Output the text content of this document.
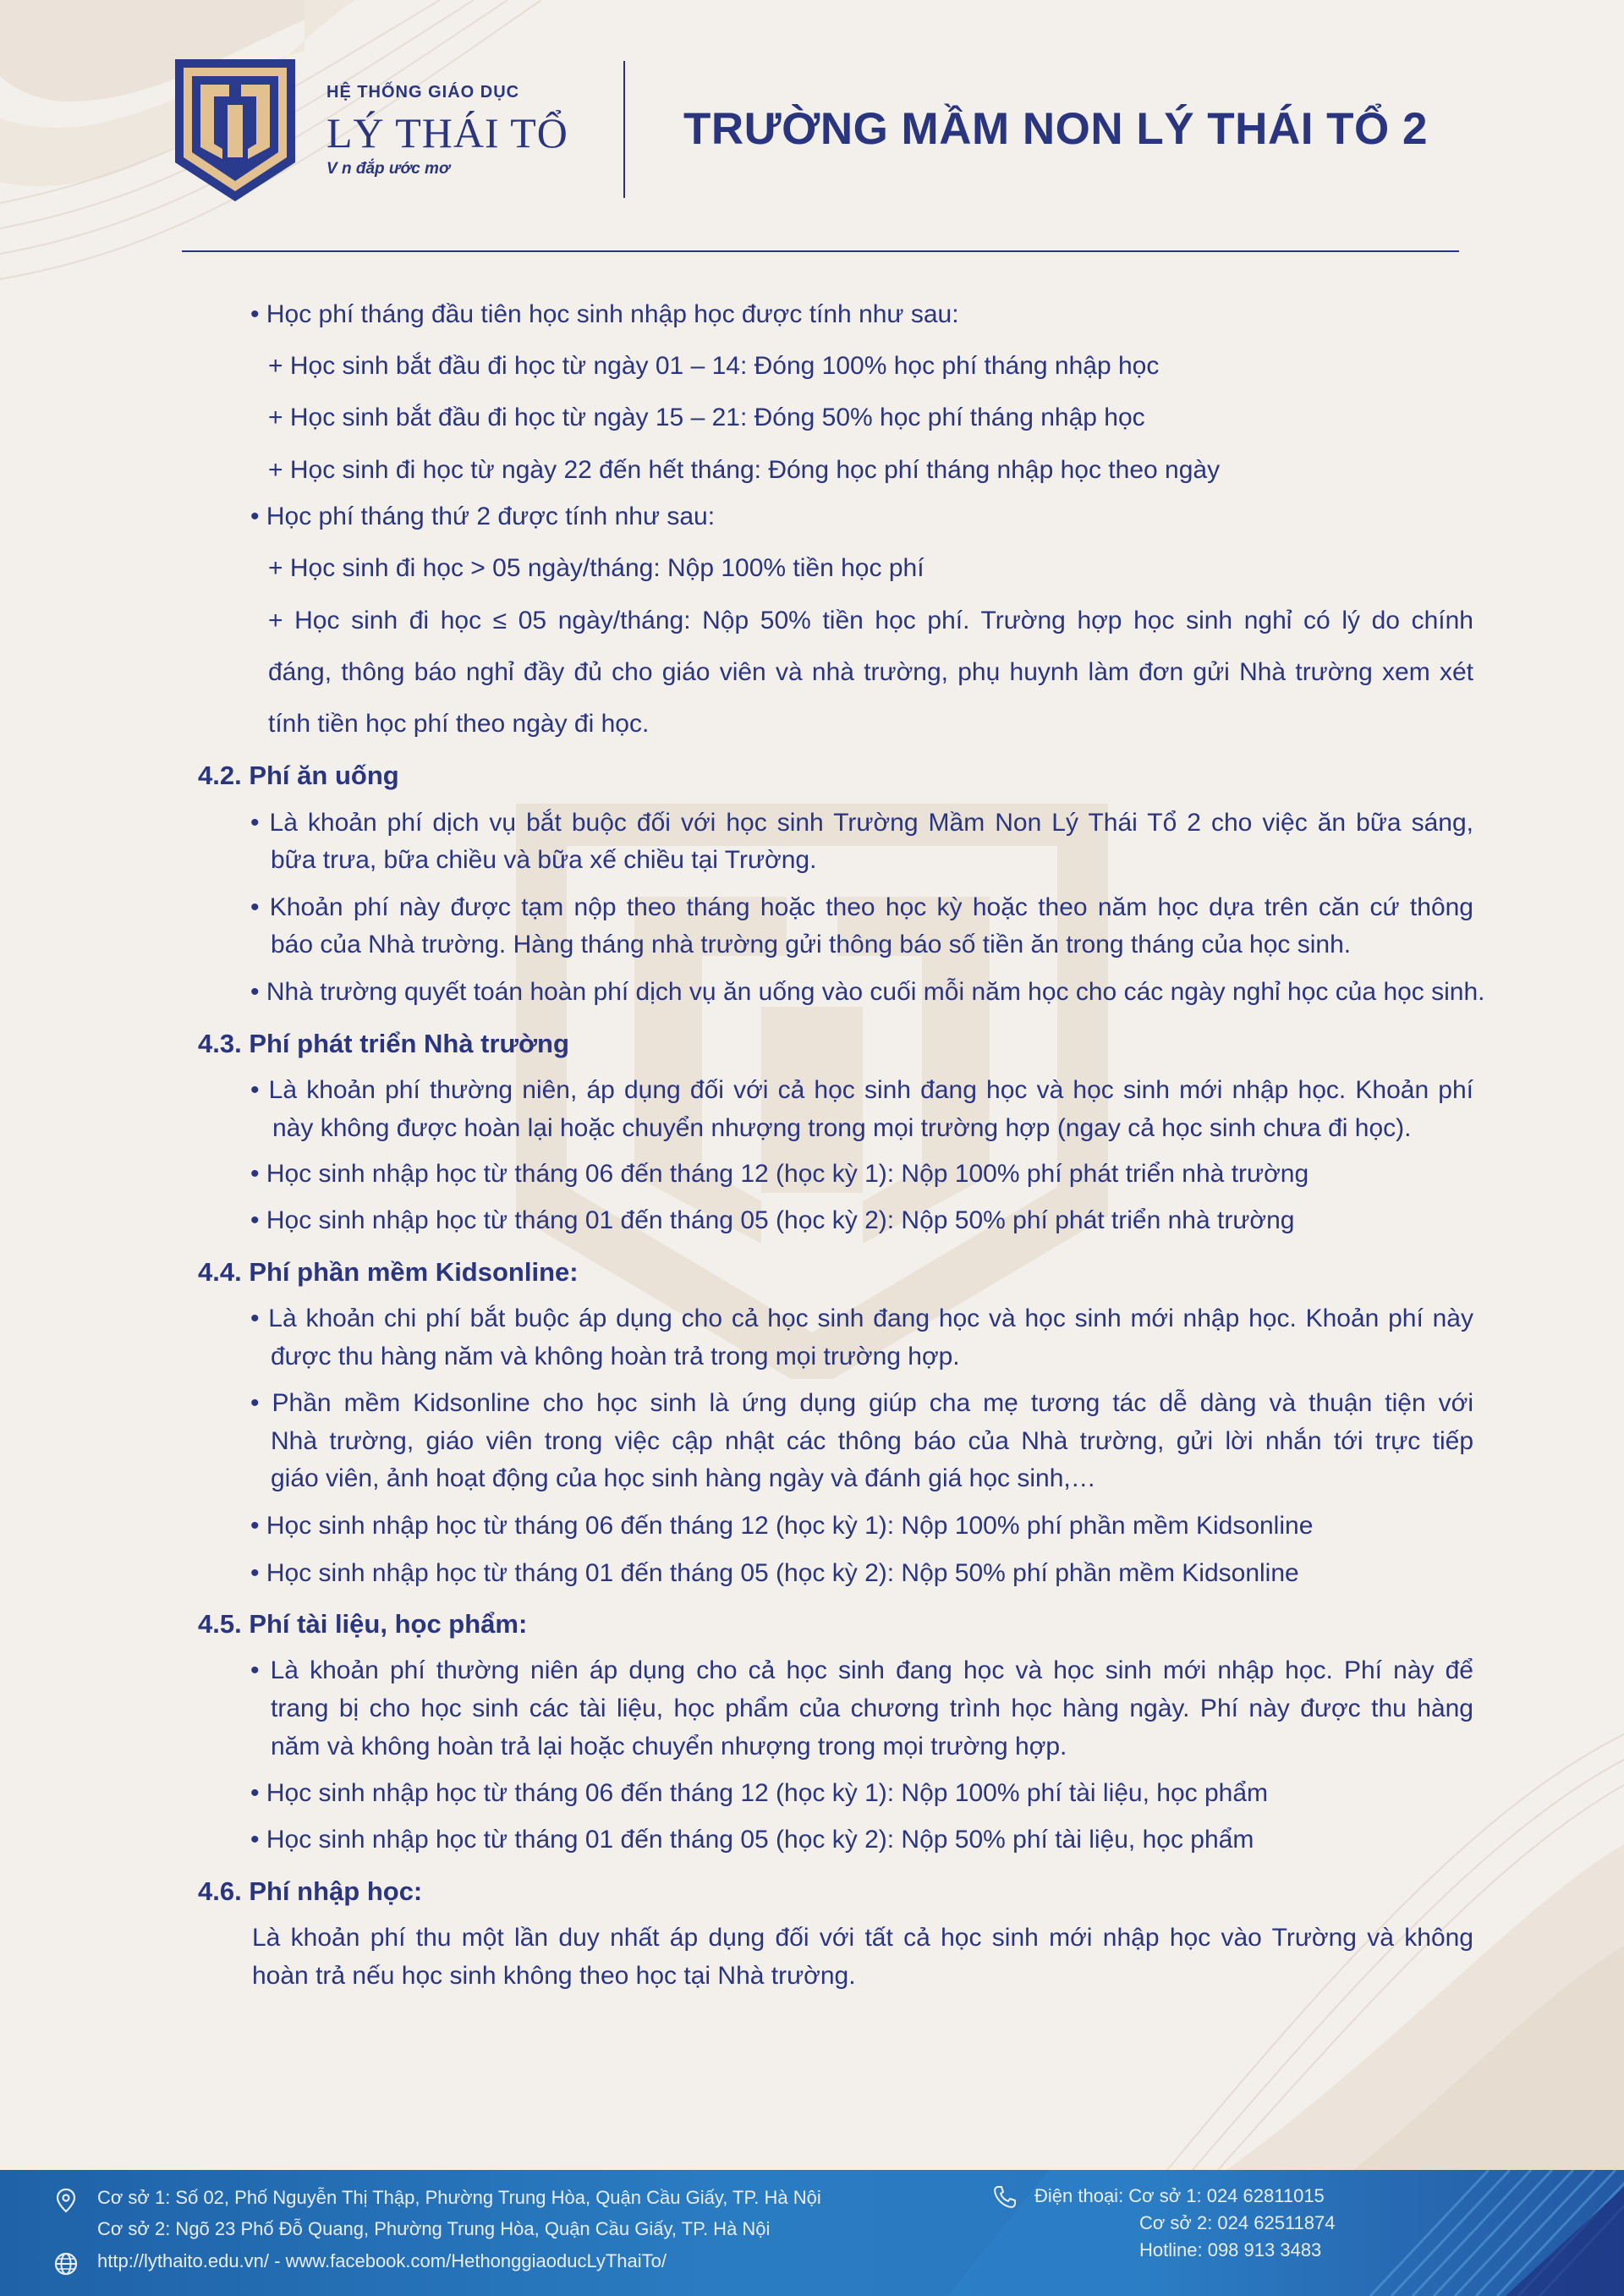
HỆ THỐNG GIÁO DỤC
LÝ THÁI TỔ
V n đắp ước mơ
TRƯỜNG MẦM NON LÝ THÁI TỔ 2
• Học phí tháng đầu tiên học sinh nhập học được tính như sau:
+ Học sinh bắt đầu đi học từ ngày 01 – 14: Đóng 100% học phí tháng nhập học
+ Học sinh bắt đầu đi học từ ngày 15 – 21: Đóng 50% học phí tháng nhập học
+ Học sinh đi học từ ngày 22 đến hết tháng: Đóng học phí tháng nhập học theo ngày
• Học phí tháng thứ 2 được tính như sau:
+ Học sinh đi học > 05 ngày/tháng: Nộp 100% tiền học phí
+ Học sinh đi học ≤ 05 ngày/tháng: Nộp 50% tiền học phí. Trường hợp học sinh nghỉ có lý do chính
đáng, thông báo nghỉ đầy đủ cho giáo viên và nhà trường, phụ huynh làm đơn gửi Nhà trường xem xét
tính tiền học phí theo ngày đi học.
4.2. Phí ăn uống
• Là khoản phí dịch vụ bắt buộc đối với học sinh Trường Mầm Non Lý Thái Tổ 2 cho việc ăn bữa sáng,
bữa trưa, bữa chiều và bữa xế chiều tại Trường.
• Khoản phí này được tạm nộp theo tháng hoặc theo học kỳ hoặc theo năm học dựa trên căn cứ thông
báo của Nhà trường. Hàng tháng nhà trường gửi thông báo số tiền ăn trong tháng của học sinh.
• Nhà trường quyết toán hoàn phí dịch vụ ăn uống vào cuối mỗi năm học cho các ngày nghỉ học của học sinh.
4.3. Phí phát triển Nhà trường
• Là khoản phí thường niên, áp dụng đối với cả học sinh đang học và học sinh mới nhập học. Khoản phí
này không được hoàn lại hoặc chuyển nhượng trong mọi trường hợp (ngay cả học sinh chưa đi học).
• Học sinh nhập học từ tháng 06 đến tháng 12 (học kỳ 1): Nộp 100% phí phát triển nhà trường
• Học sinh nhập học từ tháng 01 đến tháng 05 (học kỳ 2): Nộp 50% phí phát triển nhà trường
4.4. Phí phần mềm Kidsonline:
• Là khoản chi phí bắt buộc áp dụng cho cả học sinh đang học và học sinh mới nhập học. Khoản phí này
được thu hàng năm và không hoàn trả trong mọi trường hợp.
• Phần mềm Kidsonline cho học sinh là ứng dụng giúp cha mẹ tương tác dễ dàng và thuận tiện với
Nhà trường, giáo viên trong việc cập nhật các thông báo của Nhà trường, gửi lời nhắn tới trực tiếp
giáo viên, ảnh hoạt động của học sinh hàng ngày và đánh giá học sinh,…
• Học sinh nhập học từ tháng 06 đến tháng 12 (học kỳ 1): Nộp 100% phí phần mềm Kidsonline
• Học sinh nhập học từ tháng 01 đến tháng 05 (học kỳ 2): Nộp 50% phí phần mềm Kidsonline
4.5. Phí tài liệu, học phẩm:
• Là khoản phí thường niên áp dụng cho cả học sinh đang học và học sinh mới nhập học. Phí này để
trang bị cho học sinh các tài liệu, học phẩm của chương trình học hàng ngày. Phí này được thu hàng
năm và không hoàn trả lại hoặc chuyển nhượng trong mọi trường hợp.
• Học sinh nhập học từ tháng 06 đến tháng 12 (học kỳ 1): Nộp 100% phí tài liệu, học phẩm
• Học sinh nhập học từ tháng 01 đến tháng 05 (học kỳ 2): Nộp 50% phí tài liệu, học phẩm
4.6. Phí nhập học:
Là khoản phí thu một lần duy nhất áp dụng đối với tất cả học sinh mới nhập học vào Trường và không
hoàn trả nếu học sinh không theo học tại Nhà trường.
Cơ sở 1: Số 02, Phố Nguyễn Thị Thập, Phường Trung Hòa, Quận Cầu Giấy, TP. Hà Nội
Cơ sở 2: Ngõ 23 Phố Đỗ Quang, Phường Trung Hòa, Quận Cầu Giấy, TP. Hà Nội
http://lythaito.edu.vn/ - www.facebook.com/HethonggiaoducLyThaiTo/
Điện thoại: Cơ sở 1: 024 62811015
Cơ sở 2: 024 62511874
Hotline: 098 913 3483
